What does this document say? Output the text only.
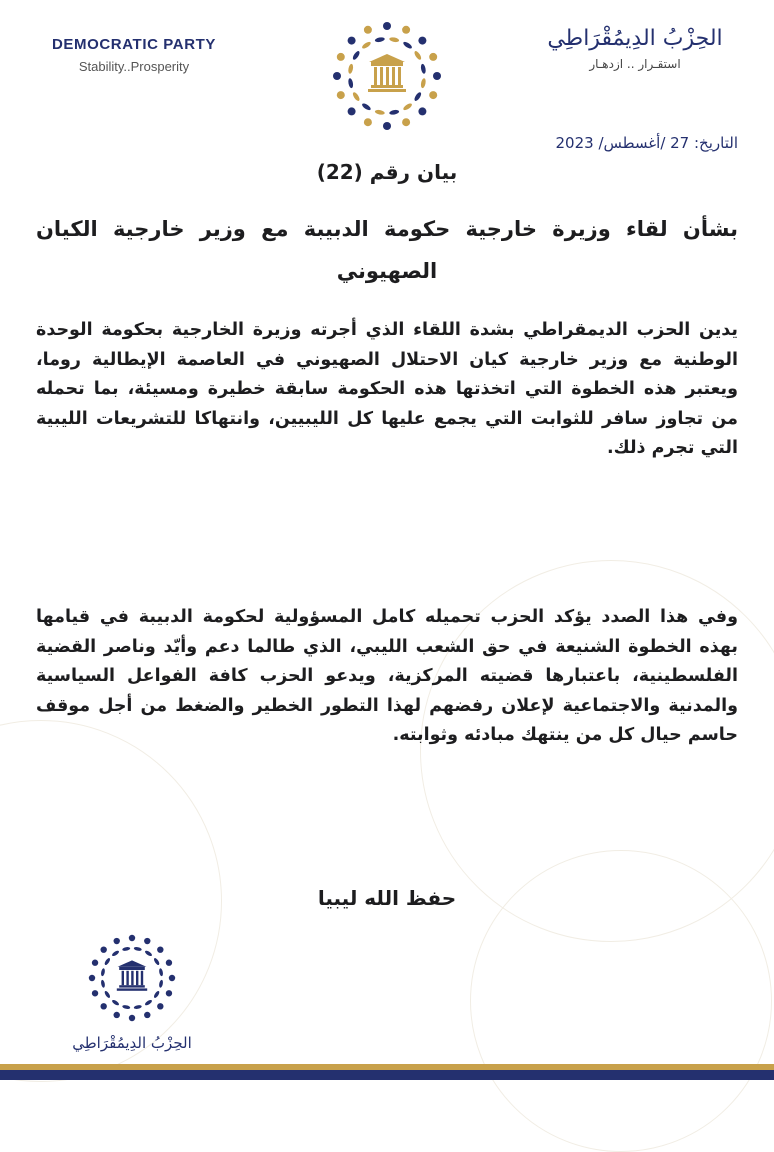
DEMOCRATIC PARTY
Stability..Prosperity
الحِزْبُ الدِيمُقْرَاطِي
استقـرار .. ازدهـار
التاريخ: 27 /أغسطس/ 2023
بيان رقم (22)
بشأن لقاء وزيرة خارجية حكومة الدبيبة مع وزير خارجية الكيان الصهيوني
يدين الحزب الديمقراطي بشدة اللقاء الذي أجرته وزيرة الخارجية بحكومة الوحدة الوطنية مع وزير خارجية كيان الاحتلال الصهيوني في العاصمة الإيطالية روما، ويعتبر هذه الخطوة التي اتخذتها هذه الحكومة سابقة خطيرة ومسيئة، بما تحمله من تجاوز سافر للثوابت التي يجمع عليها كل الليبيين، وانتهاكا للتشريعات الليبية التي تجرم ذلك.
وفي هذا الصدد يؤكد الحزب تحميله كامل المسؤولية لحكومة الدبيبة في قيامها بهذه الخطوة الشنيعة في حق الشعب الليبي، الذي طالما دعم وأيّد وناصر القضية الفلسطينية، باعتبارها قضيته المركزية، ويدعو الحزب كافة الفواعل السياسية والمدنية والاجتماعية لإعلان رفضهم لهذا التطور الخطير والضغط من أجل موقف حاسم حيال كل من ينتهك مبادئه وثوابته.
حفظ الله ليبيا
الحِزْبُ الدِيمُقْرَاطِي
